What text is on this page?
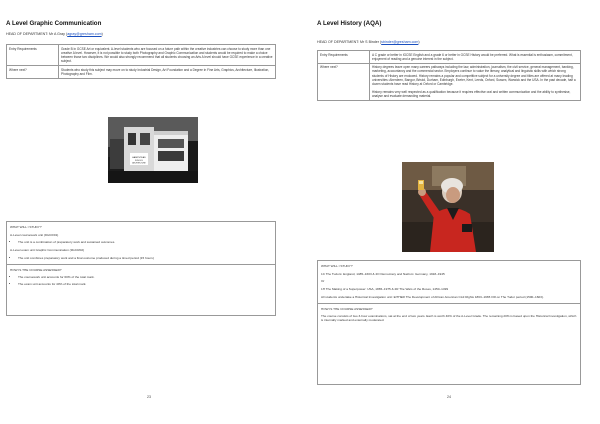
A Level Graphic Communication
HEAD OF DEPARTMENT: Mr A Gray (agray@gresham.com)
Entry Requirements	Grade B in GCSE Art or equivalent. A-level students who are focused on a future path within the creative industries can choose to study more than one creative A level. However, it is not possible to study both Photography and Graphic Communication and students would be required to make a choice between those two disciplines. We would also strongly recommend that all students choosing an Arts A level should have GCSE experience in a creative subject.

Where next?	Students who study this subject may move on to study Industrial Design, Art Foundation and a Degree in Fine Arts, Graphics, Architecture, Illustration, Photography and Film.

HAMPSTEAD
SCHOOL
ARCHITECTURE

WHAT WILL I STUDY?

A-Level coursework unit (9GC0/01)

• The unit is a combination of preparatory work and sustained outcomes.

A-Level exam unit Graphic Communication (9GC0/02)

• The unit combines preparatory work and a final outcome produced during a timed period (15 hours)

HOW IS THE COURSE ASSESSED?

• The coursework unit accounts for 60% of the total mark.
• The exam unit accounts for 40% of the total mark.
23
A Level History (AQA)
HEAD OF DEPARTMENT: Mr S Binder (sbinder@gresham.com)
Entry Requirements	A C grade or better in IGCSE English and a grade 6 or better in GCSE History would be preferred. What is essential is enthusiasm, commitment, enjoyment of reading and a genuine interest in the subject.

Where next?	History degrees leave open many careers pathways including the law, administration, journalism, the civil service, general management, banking, marketing, accountancy and the commercial sector. Employers continue to value the literary, analytical and linguistic skills with which strong students of History are endowed. History remains a popular and competitive subject for a university degree and titles are offered at many leading universities: Aberdeen, Bangor, Bristol, Durham, Edinburgh, Exeter, Kent, Leeds, Oxford, Sussex, Warwick and the USA. In the past decade, half a dozen students have read History at Oxford or Cambridge.

History remains very well respected as a qualification because it requires effective oral and written communication and the ability to synthesise, analyse and evaluate demanding material.

WHAT WILL I STUDY?

1C The Tudors: England, 1485–1603 & 2O Democracy and Nazism: Germany, 1918–1945

Or

1H The Making of a Superpower: USA, 1865–1975 & 2R The Wars of the Roses, 1450–1499

All students undertake a Historical Investigation unit: EITHER The Development of African American Civil Rights 1863–1965 OR on The Tudor period (1500–1603).

HOW IS THE COURSE ASSESSED?

The course consists of two 3-hour examinations, sat at the end of two years. Each is worth 40% of the A-Level Grade. The remaining 20% is based upon the Historical Investigation, which is internally marked and externally moderated.

24
